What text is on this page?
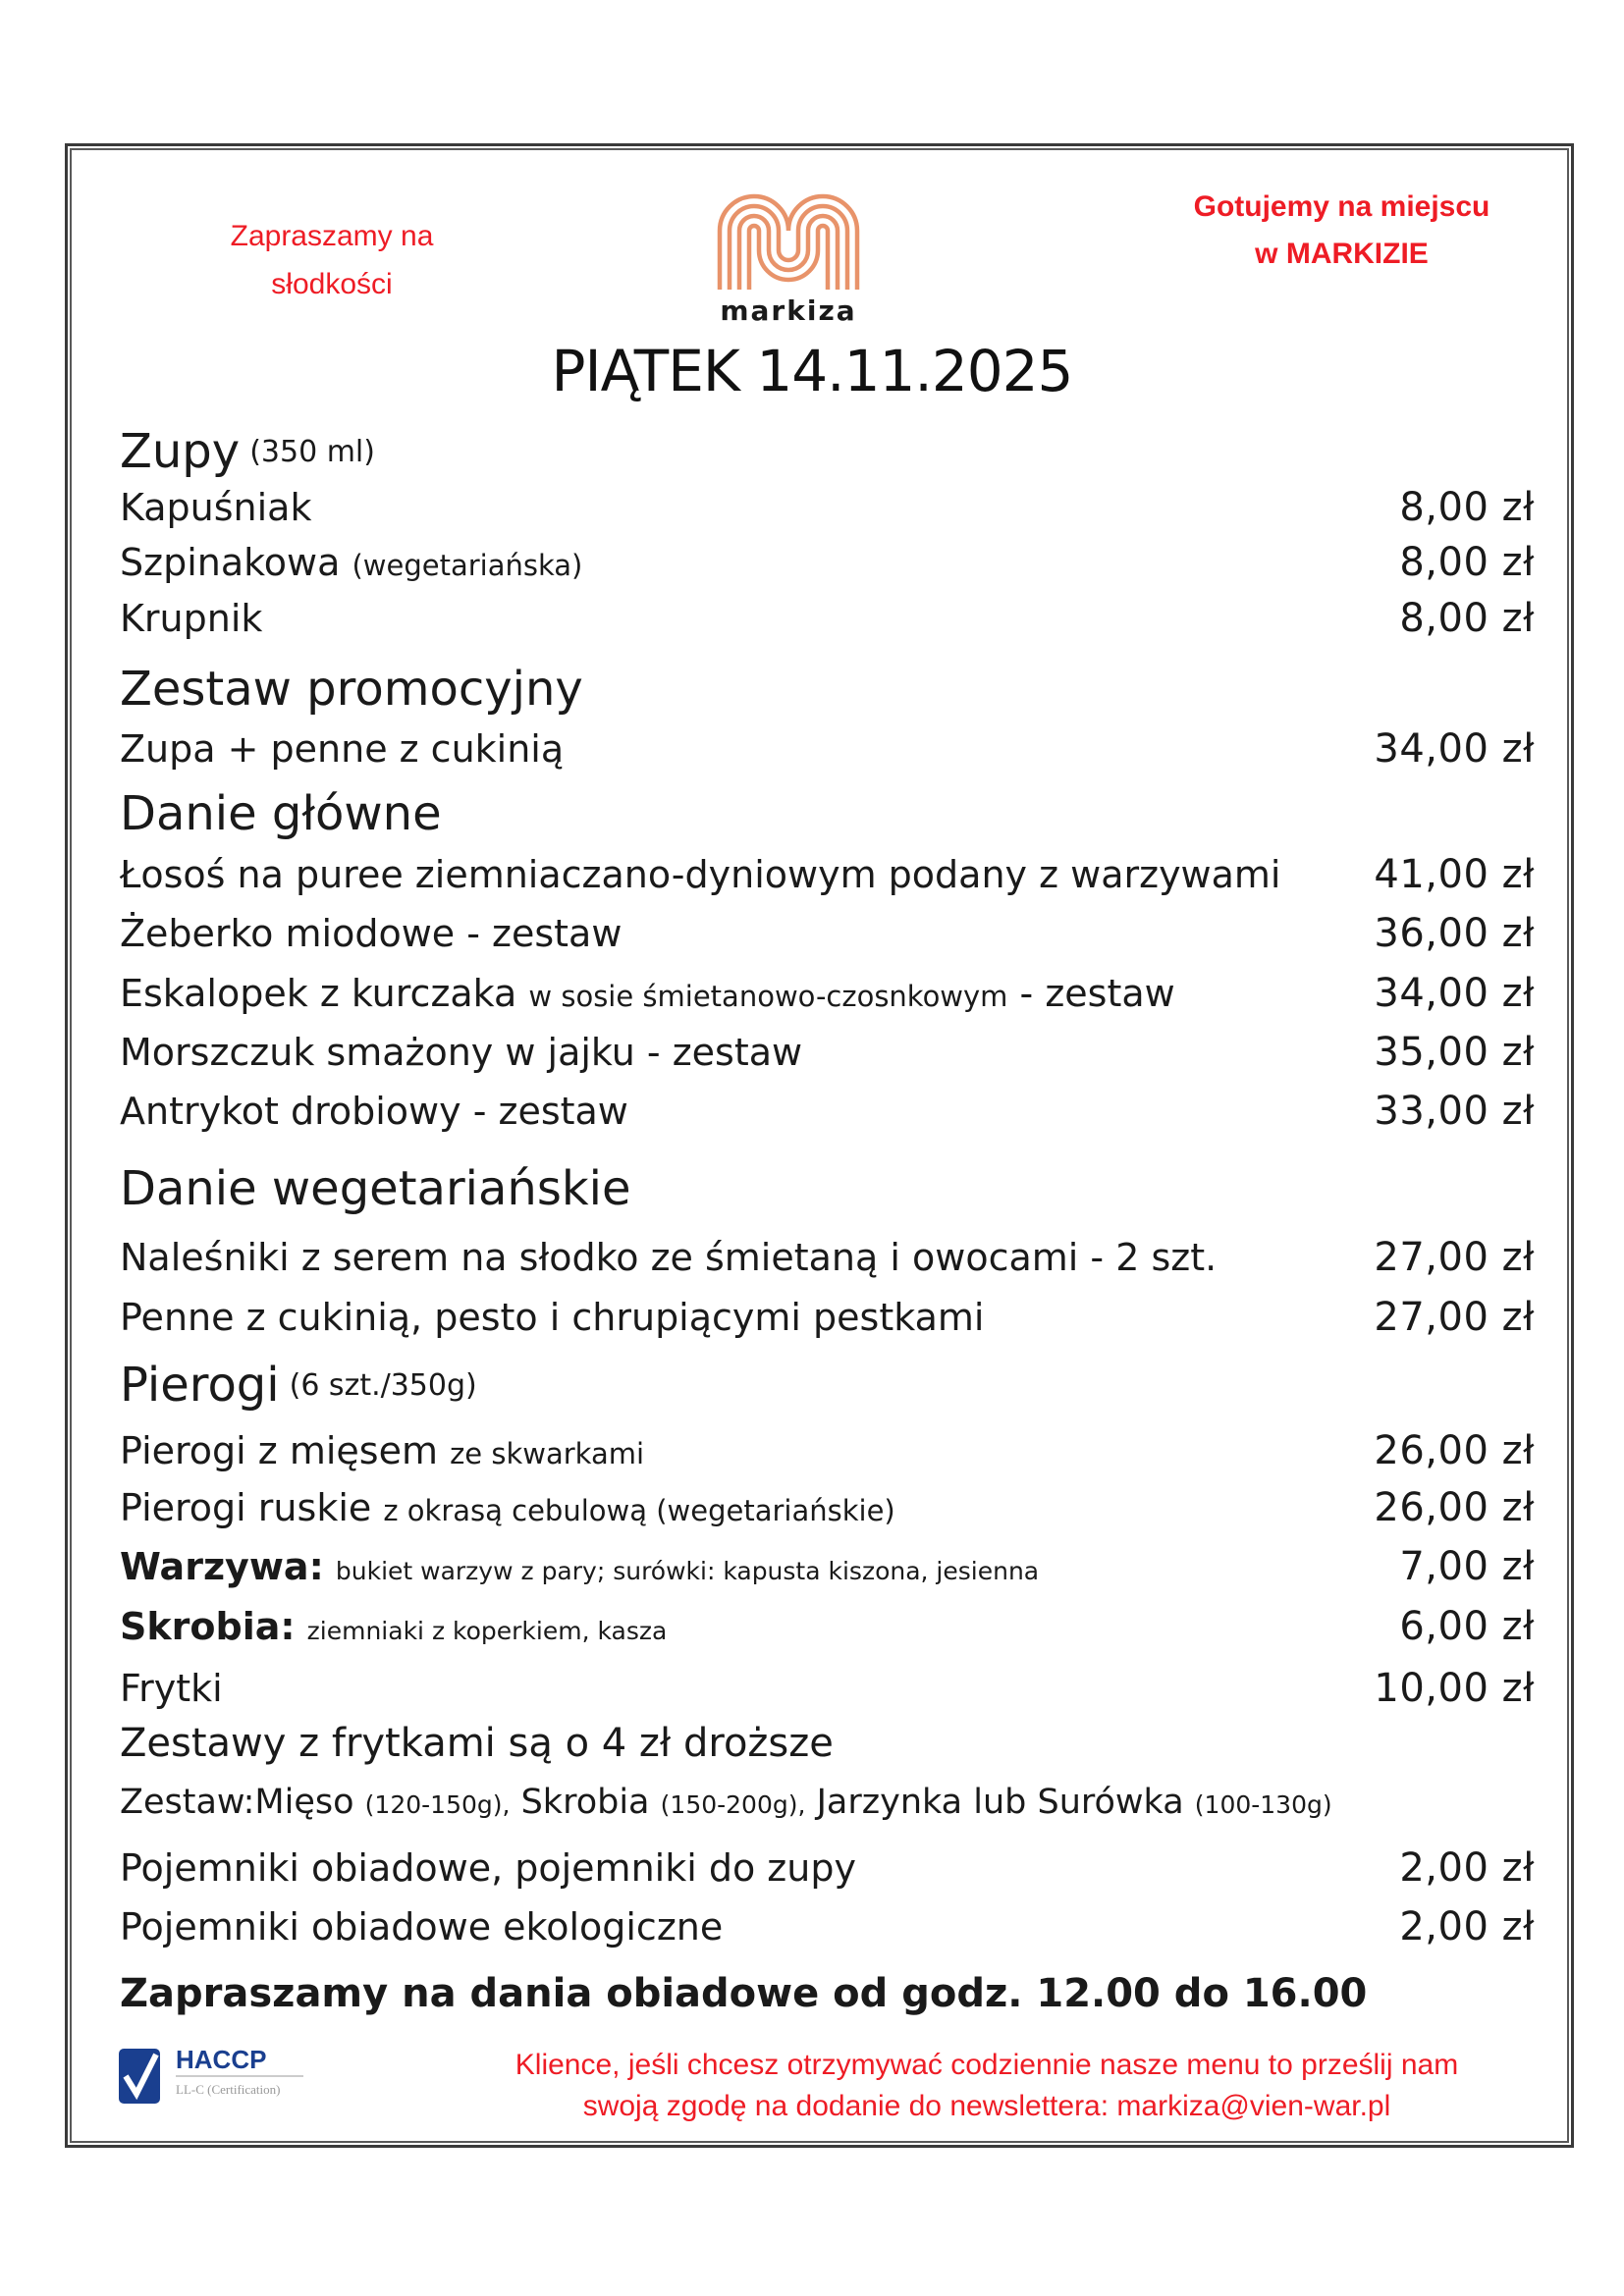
Zapraszamy na
słodkości
Gotujemy na miejscu
w MARKIZIE
markiza
PIĄTEK 14.11.2025
Zupy (350 ml)
Kapuśniak	8,00 zł
Szpinakowa (wegetariańska)	8,00 zł
Krupnik	8,00 zł
Zestaw promocyjny
Zupa + penne z cukinią	34,00 zł
Danie główne
Łosoś na puree ziemniaczano-dyniowym podany z warzywami 41,00 zł
Żeberko miodowe - zestaw	36,00 zł
Eskalopek z kurczaka w sosie śmietanowo-czosnkowym - zestaw	34,00 zł
Morszczuk smażony w jajku - zestaw	35,00 zł
Antrykot drobiowy - zestaw	33,00 zł
Danie wegetariańskie
Naleśniki z serem na słodko ze śmietaną i owocami - 2 szt.	27,00 zł
Penne z cukinią, pesto i chrupiącymi pestkami	27,00 zł
Pierogi (6 szt./350g)
Pierogi z mięsem ze skwarkami	26,00 zł
Pierogi ruskie z okrasą cebulową (wegetariańskie)	26,00 zł
Warzywa: bukiet warzyw z pary; surówki: kapusta kiszona, jesienna	7,00 zł
Skrobia: ziemniaki z koperkiem, kasza	6,00 zł
Frytki	10,00 zł
Zestawy z frytkami są o 4 zł droższe
Zestaw:Mięso (120-150g), Skrobia (150-200g), Jarzynka lub Surówka (100-130g)
Pojemniki obiadowe, pojemniki do zupy	2,00 zł
Pojemniki obiadowe ekologiczne	2,00 zł
Zapraszamy na dania obiadowe od godz. 12.00 do 16.00
HACCP
LL-C (Certification)
Klience, jeśli chcesz otrzymywać codziennie nasze menu to prześlij nam
swoją zgodę na dodanie do newslettera: markiza@vien-war.pl
